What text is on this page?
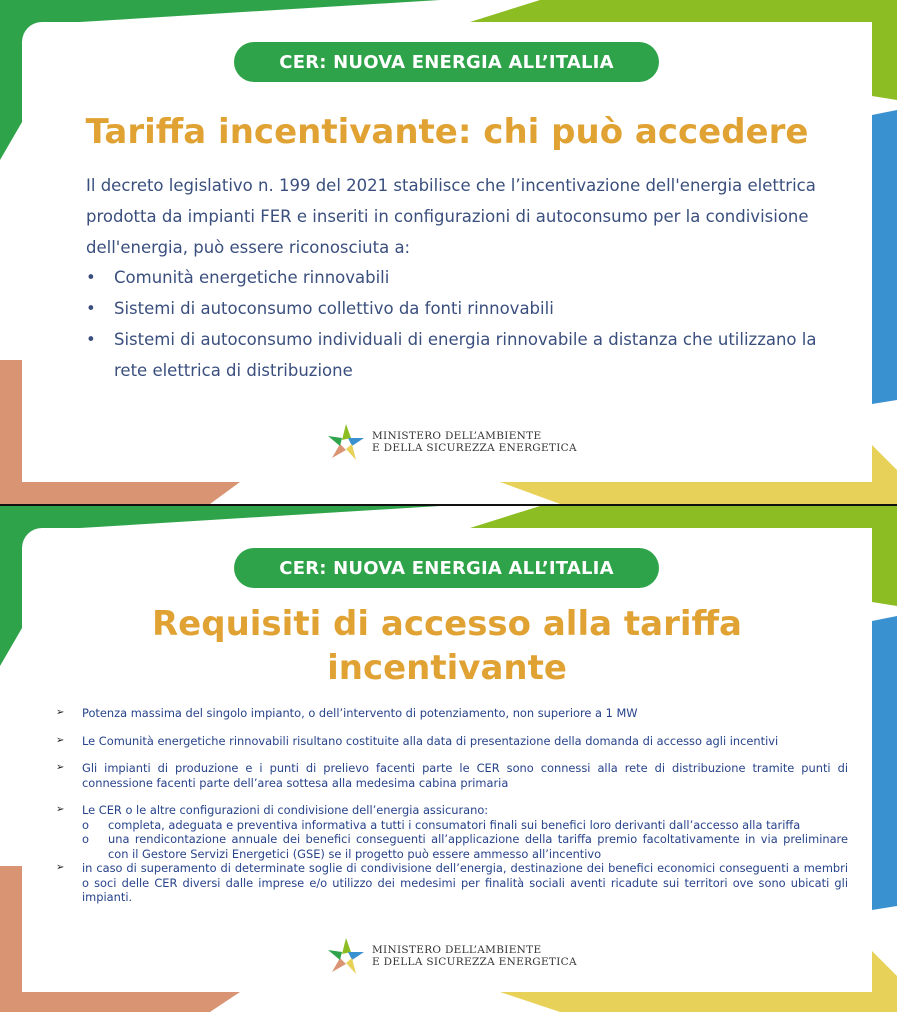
CER: NUOVA ENERGIA ALL’ITALIA
Tariffa incentivante: chi può accedere

Il decreto legislativo n. 199 del 2021 stabilisce che l’incentivazione dell'energia elettrica prodotta da impianti FER e inseriti in configurazioni di autoconsumo per la condivisione dell'energia, può essere riconosciuta a:

• Comunità energetiche rinnovabili
• Sistemi di autoconsumo collettivo da fonti rinnovabili
• Sistemi di autoconsumo individuali di energia rinnovabile a distanza che utilizzano la rete elettrica di distribuzione
MINISTERO DELL’AMBIENTE
E DELLA SICUREZZA ENERGETICA
CER: NUOVA ENERGIA ALL’ITALIA
Requisiti di accesso alla tariffa
incentivante
➢ Potenza massima del singolo impianto, o dell’intervento di potenziamento, non superiore a 1 MW
➢ Le Comunità energetiche rinnovabili risultano costituite alla data di presentazione della domanda di accesso agli incentivi
➢ Gli impianti di produzione e i punti di prelievo facenti parte le CER sono connessi alla rete di distribuzione tramite punti di connessione facenti parte dell’area sottesa alla medesima cabina primaria
➢ Le CER o le altre configurazioni di condivisione dell’energia assicurano:
o completa, adeguata e preventiva informativa a tutti i consumatori finali sui benefici loro derivanti dall’accesso alla tariffa
o una rendicontazione annuale dei benefici conseguenti all’applicazione della tariffa premio facoltativamente in via preliminare con il Gestore Servizi Energetici (GSE) se il progetto può essere ammesso all’incentivo
➢ in caso di superamento di determinate soglie di condivisione dell’energia, destinazione dei benefici economici conseguenti a membri o soci delle CER diversi dalle imprese e/o utilizzo dei medesimi per finalità sociali aventi ricadute sui territori ove sono ubicati gli impianti.
MINISTERO DELL’AMBIENTE
E DELLA SICUREZZA ENERGETICA
